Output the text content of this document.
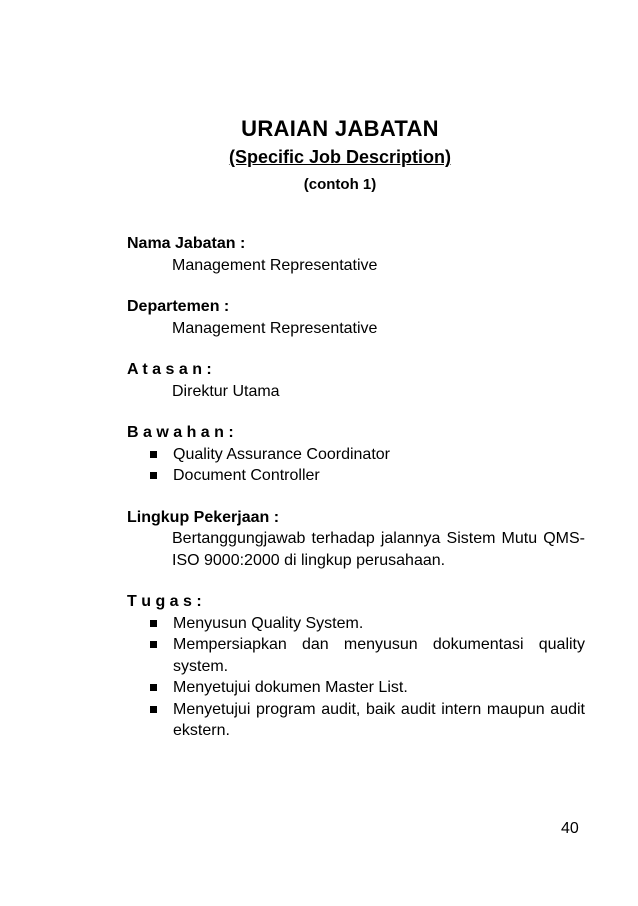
URAIAN JABATAN
(Specific Job Description)
(contoh 1)
Nama Jabatan :
Management Representative
Departemen :
Management Representative
A t a s a n :
Direktur Utama
B a w a h a n :
Quality Assurance Coordinator
Document Controller
Lingkup Pekerjaan :
Bertanggungjawab terhadap jalannya Sistem Mutu QMS-ISO 9000:2000 di lingkup perusahaan.
T u g a s :
Menyusun Quality System.
Mempersiapkan dan menyusun dokumentasi quality system.
Menyetujui dokumen Master List.
Menyetujui program audit, baik audit intern maupun audit ekstern.
40
